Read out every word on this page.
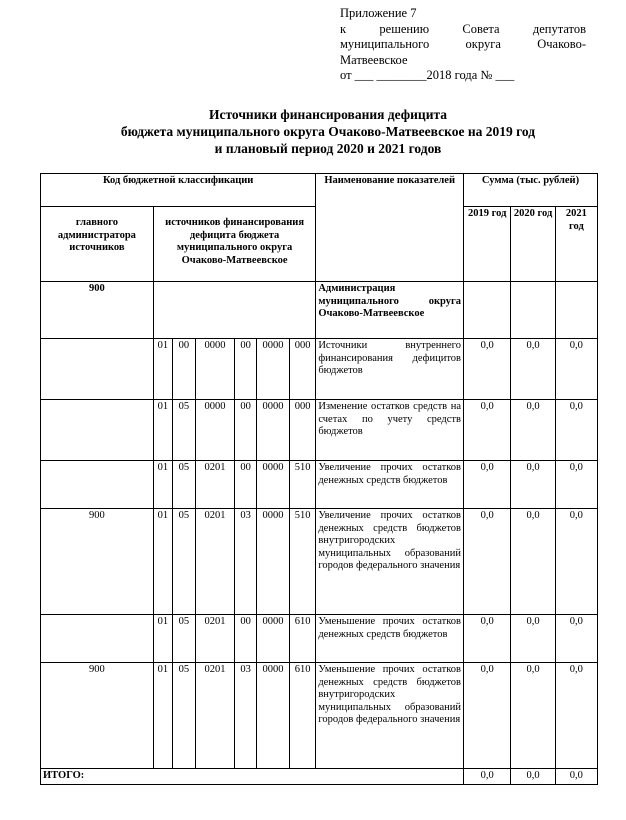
Приложение 7
к решению Совета депутатов
муниципального округа Очаково-
Матвеевское
от ___ ________2018 года № ___
Источники финансирования дефицита
бюджета муниципального округа Очаково-Матвеевское на 2019 год
и плановый период 2020 и 2021 годов
Код бюджетной классификации							Наименование показателей	Сумма (тыс. рублей)		
главного администратора источников	источников финансирования дефицита бюджета муниципального округа Очаково-Матвеевское							2019 год	2020 год	2021 год

900							Администрация муниципального округа Очаково-Матвеевское			
	01	00	0000	00	0000	000	Источники внутреннего финансирования дефицитов бюджетов	0,0	0,0	0,0
	01	05	0000	00	0000	000	Изменение остатков средств на счетах по учету средств бюджетов	0,0	0,0	0,0
	01	05	0201	00	0000	510	Увеличение прочих остатков денежных средств бюджетов	0,0	0,0	0,0
900	01	05	0201	03	0000	510	Увеличение прочих остатков денежных средств бюджетов внутригородских муниципальных образований городов федерального значения	0,0	0,0	0,0
	01	05	0201	00	0000	610	Уменьшение прочих остатков денежных средств бюджетов	0,0	0,0	0,0
900	01	05	0201	03	0000	610	Уменьшение прочих остатков денежных средств бюджетов внутригородских муниципальных образований городов федерального значения	0,0	0,0	0,0
ИТОГО:								0,0	0,0	0,0
